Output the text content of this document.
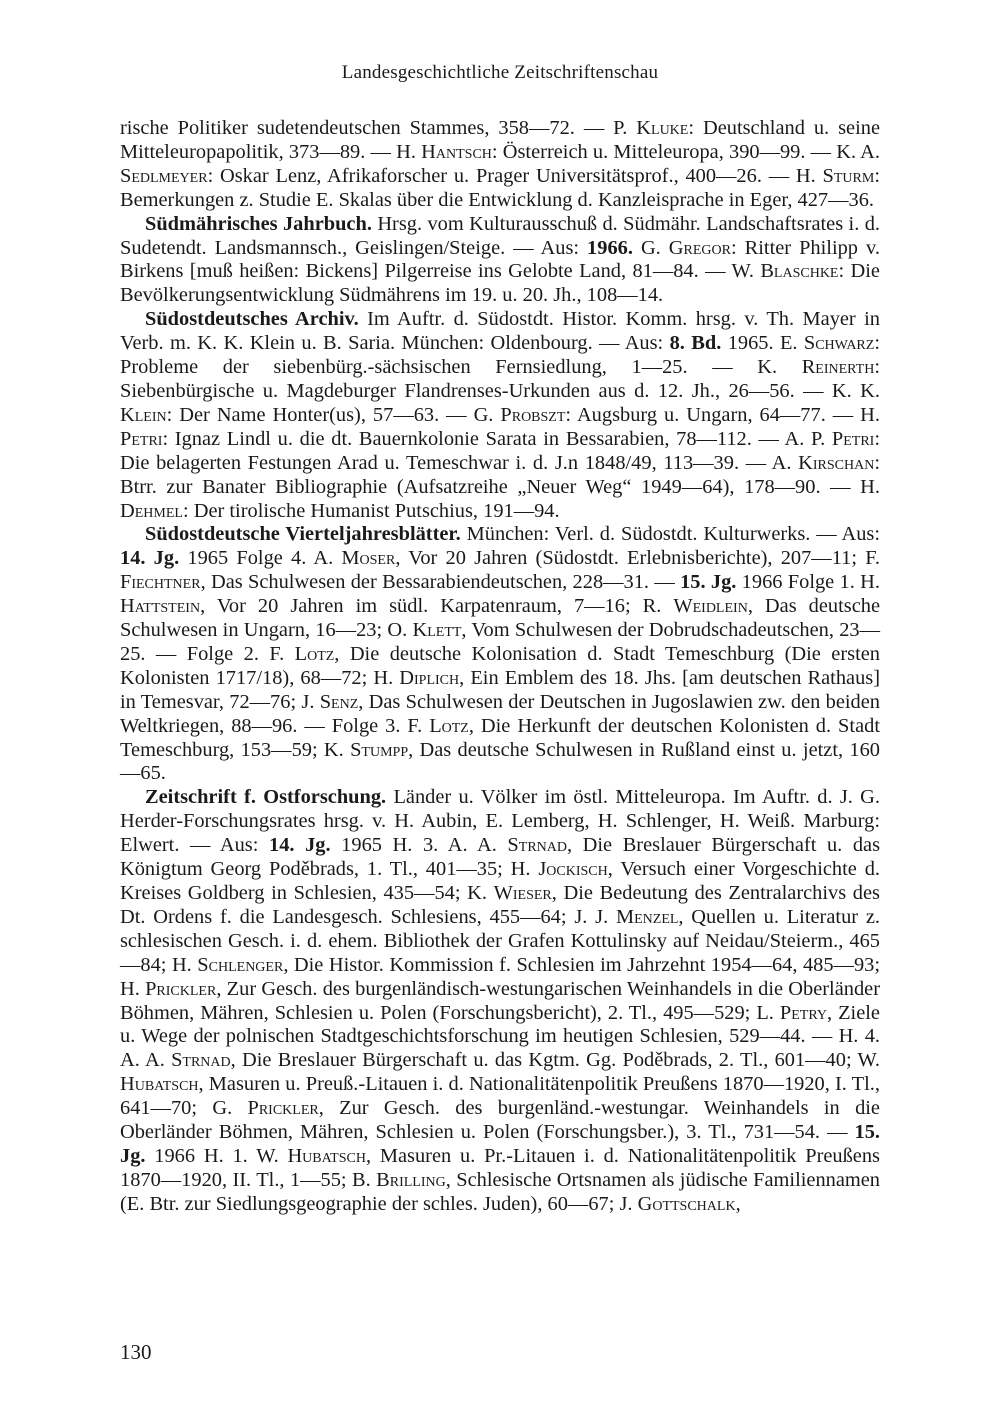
Landesgeschichtliche Zeitschriftenschau

rische Politiker sudetendeutschen Stammes, 358—72. — P. Kluke: Deutschland u. seine Mitteleuropapolitik, 373—89. — H. Hantsch: Österreich u. Mitteleuropa, 390—99. — K. A. Sedlmeyer: Oskar Lenz, Afrikaforscher u. Prager Universitätsprof., 400—26. — H. Sturm: Bemerkungen z. Studie E. Skalas über die Entwicklung d. Kanzleisprache in Eger, 427—36.

Südmährisches Jahrbuch. Hrsg. vom Kulturausschuß d. Südmähr. Landschaftsrates i. d. Sudetendt. Landsmannsch., Geislingen/Steige. — Aus: 1966. G. Gregor: Ritter Philipp v. Birkens [muß heißen: Bickens] Pilgerreise ins Gelobte Land, 81—84. — W. Blaschke: Die Bevölkerungsentwicklung Südmährens im 19. u. 20. Jh., 108—14.

Südostdeutsches Archiv. Im Auftr. d. Südostdt. Histor. Komm. hrsg. v. Th. Mayer in Verb. m. K. K. Klein u. B. Saria. München: Oldenbourg. — Aus: 8. Bd. 1965. E. Schwarz: Probleme der siebenbürg.-sächsischen Fernsiedlung, 1—25. — K. Reinerth: Siebenbürgische u. Magdeburger Flandrenses-Urkunden aus d. 12. Jh., 26—56. — K. K. Klein: Der Name Honter(us), 57—63. — G. Probszt: Augsburg u. Ungarn, 64—77. — H. Petri: Ignaz Lindl u. die dt. Bauernkolonie Sarata in Bessarabien, 78—112. — A. P. Petri: Die belagerten Festungen Arad u. Temeschwar i. d. J.n 1848/49, 113—39. — A. Kirschan: Btrr. zur Banater Bibliographie (Aufsatzreihe „Neuer Weg“ 1949—64), 178—90. — H. Dehmel: Der tirolische Humanist Putschius, 191—94.

Südostdeutsche Vierteljahresblätter. München: Verl. d. Südostdt. Kulturwerks. — Aus: 14. Jg. 1965 Folge 4. A. Moser, Vor 20 Jahren (Südostdt. Erlebnisberichte), 207—11; F. Fiechtner, Das Schulwesen der Bessarabiendeutschen, 228—31. — 15. Jg. 1966 Folge 1. H. Hattstein, Vor 20 Jahren im südl. Karpatenraum, 7—16; R. Weidlein, Das deutsche Schulwesen in Ungarn, 16—23; O. Klett, Vom Schulwesen der Dobrudschadeutschen, 23—25. — Folge 2. F. Lotz, Die deutsche Kolonisation d. Stadt Temeschburg (Die ersten Kolonisten 1717/18), 68—72; H. Diplich, Ein Emblem des 18. Jhs. [am deutschen Rathaus] in Temesvar, 72—76; J. Senz, Das Schulwesen der Deutschen in Jugoslawien zw. den beiden Weltkriegen, 88—96. — Folge 3. F. Lotz, Die Herkunft der deutschen Kolonisten d. Stadt Temeschburg, 153—59; K. Stumpp, Das deutsche Schulwesen in Rußland einst u. jetzt, 160—65.

Zeitschrift f. Ostforschung. Länder u. Völker im östl. Mitteleuropa. Im Auftr. d. J. G. Herder-Forschungsrates hrsg. v. H. Aubin, E. Lemberg, H. Schlenger, H. Weiß. Marburg: Elwert. — Aus: 14. Jg. 1965 H. 3. A. A. Strnad, Die Breslauer Bürgerschaft u. das Königtum Georg Poděbrads, 1. Tl., 401—35; H. Jockisch, Versuch einer Vorgeschichte d. Kreises Goldberg in Schlesien, 435—54; K. Wieser, Die Bedeutung des Zentralarchivs des Dt. Ordens f. die Landesgesch. Schlesiens, 455—64; J. J. Menzel, Quellen u. Literatur z. schlesischen Gesch. i. d. ehem. Bibliothek der Grafen Kottulinsky auf Neidau/Steierm., 465—84; H. Schlenger, Die Histor. Kommission f. Schlesien im Jahrzehnt 1954—64, 485—93; H. Prickler, Zur Gesch. des burgenländisch-westungarischen Weinhandels in die Oberländer Böhmen, Mähren, Schlesien u. Polen (Forschungsbericht), 2. Tl., 495—529; L. Petry, Ziele u. Wege der polnischen Stadtgeschichtsforschung im heutigen Schlesien, 529—44. — H. 4. A. A. Strnad, Die Breslauer Bürgerschaft u. das Kgtm. Gg. Poděbrads, 2. Tl., 601—40; W. Hubatsch, Masuren u. Preuß.-Litauen i. d. Nationalitätenpolitik Preußens 1870—1920, I. Tl., 641—70; G. Prickler, Zur Gesch. des burgenländ.-westungar. Weinhandels in die Oberländer Böhmen, Mähren, Schlesien u. Polen (Forschungsber.), 3. Tl., 731—54. — 15. Jg. 1966 H. 1. W. Hubatsch, Masuren u. Pr.-Litauen i. d. Nationalitätenpolitik Preußens 1870—1920, II. Tl., 1—55; B. Brilling, Schlesische Ortsnamen als jüdische Familiennamen (E. Btr. zur Siedlungsgeographie der schles. Juden), 60—67; J. Gottschalk,

130
